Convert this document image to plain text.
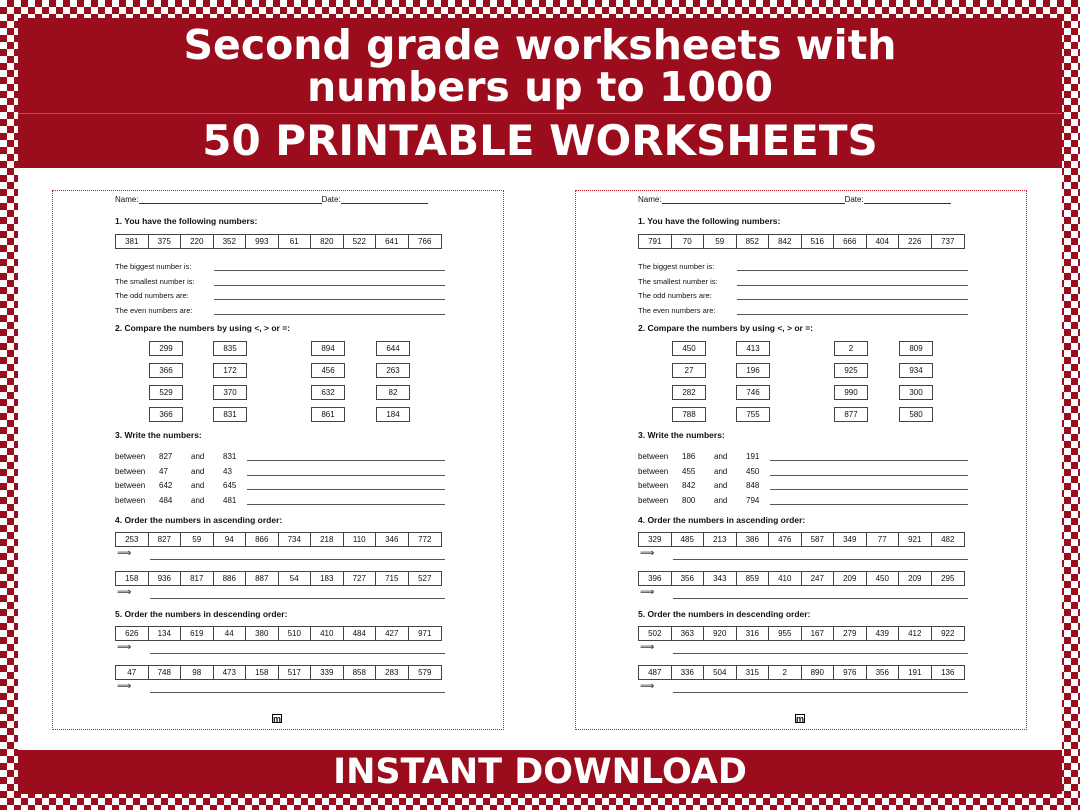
Second grade worksheets with
numbers up to 1000
50 PRINTABLE WORKSHEETS
INSTANT DOWNLOAD
Name:	Date:
1. You have the following numbers:
381	375	220	352	993	61	820	522	641	766
The biggest number is:
The smallest number is:
The odd numbers are:
The even numbers are:
2. Compare the numbers by using <, > or =:
299	835	894	644
366	172	456	263
529	370	632	82
366	831	861	184
3. Write the numbers:
between 827 and 831
between 47	and 43
between 642 and 645
between 484 and 481
4. Order the numbers in ascending order:
253	827	59	94	866	734	218	110	346	772
⟹
158	936	817	886	887	54	183	727	715	527
⟹
5. Order the numbers in descending order:
626	134	619	44	380	510	410	484	427	971
⟹
47	748	98	473	158	517	339	858	283	579
⟹
m
Name:	Date:
1. You have the following numbers:
791	70	59	852	842	516	666	404	226	737
The biggest number is:
The smallest number is:
The odd numbers are:
The even numbers are:
2. Compare the numbers by using <, > or =:
450	413	2	809
27	196	925	934
282	746	990	300
788	755	877	580
3. Write the numbers:
between 186 and 191
between 455 and 450
between 842 and 848
between 800 and 794
4. Order the numbers in ascending order:
329	485	213	386	476	587	349	77	921	482
⟹
396	356	343	859	410	247	209	450	209	295
⟹
5. Order the numbers in descending order:
502	363	920	316	955	167	279	439	412	922
⟹
487	336	504	315	2	890	976	356	191	136
⟹
m
